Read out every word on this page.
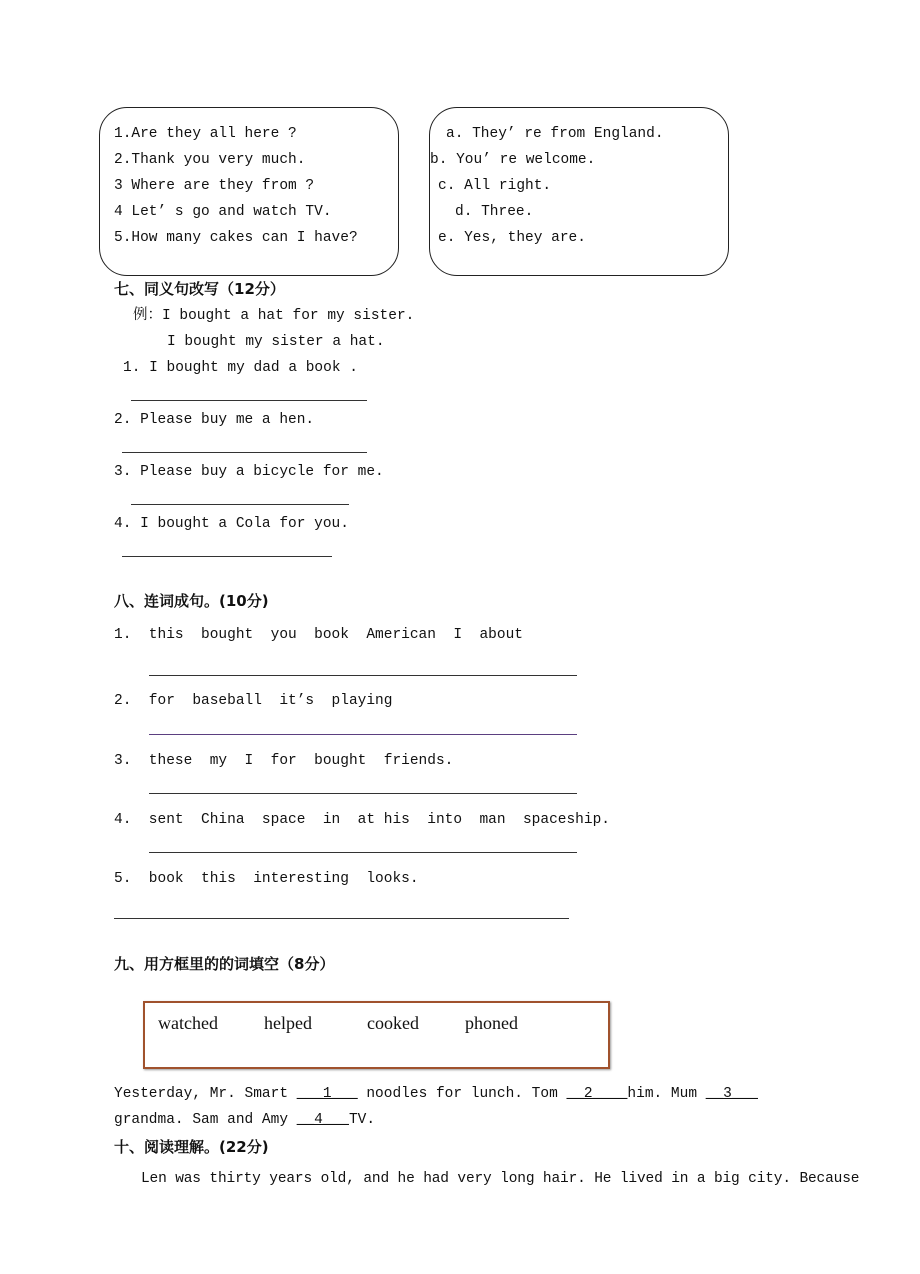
1.Are they all here ?
2.Thank you very much.
3 Where are they from ?
4 Let’ s go and watch TV.
5.How many cakes can I have?
a. They’ re from England.
b. You’ re welcome.
c. All right.
d. Three.
e. Yes, they are.
七、同义句改写（12分）
例：I bought a hat for my sister.
I bought my sister a hat.
1. I bought my dad a book .
2. Please buy me a hen.
3. Please buy a bicycle for me.
4. I bought a Cola for you.
八、连词成句。(10分)
1.  this  bought  you  book  American  I  about
2.  for  baseball  it’s  playing
3.  these  my  I  for  bought  friends.
4.  sent  China  space  in  at his  into  man  spaceship.
5.  book  this  interesting  looks.
九、用方框里的的词填空（8分）
watched	helped	cooked	phoned
Yesterday, Mr. Smart ___1___ noodles for lunch. Tom __2____him. Mum __3___
grandma. Sam and Amy __4___TV.
十、阅读理解。(22分)
Len was thirty years old, and he had very long hair. He lived in a big city. Because
